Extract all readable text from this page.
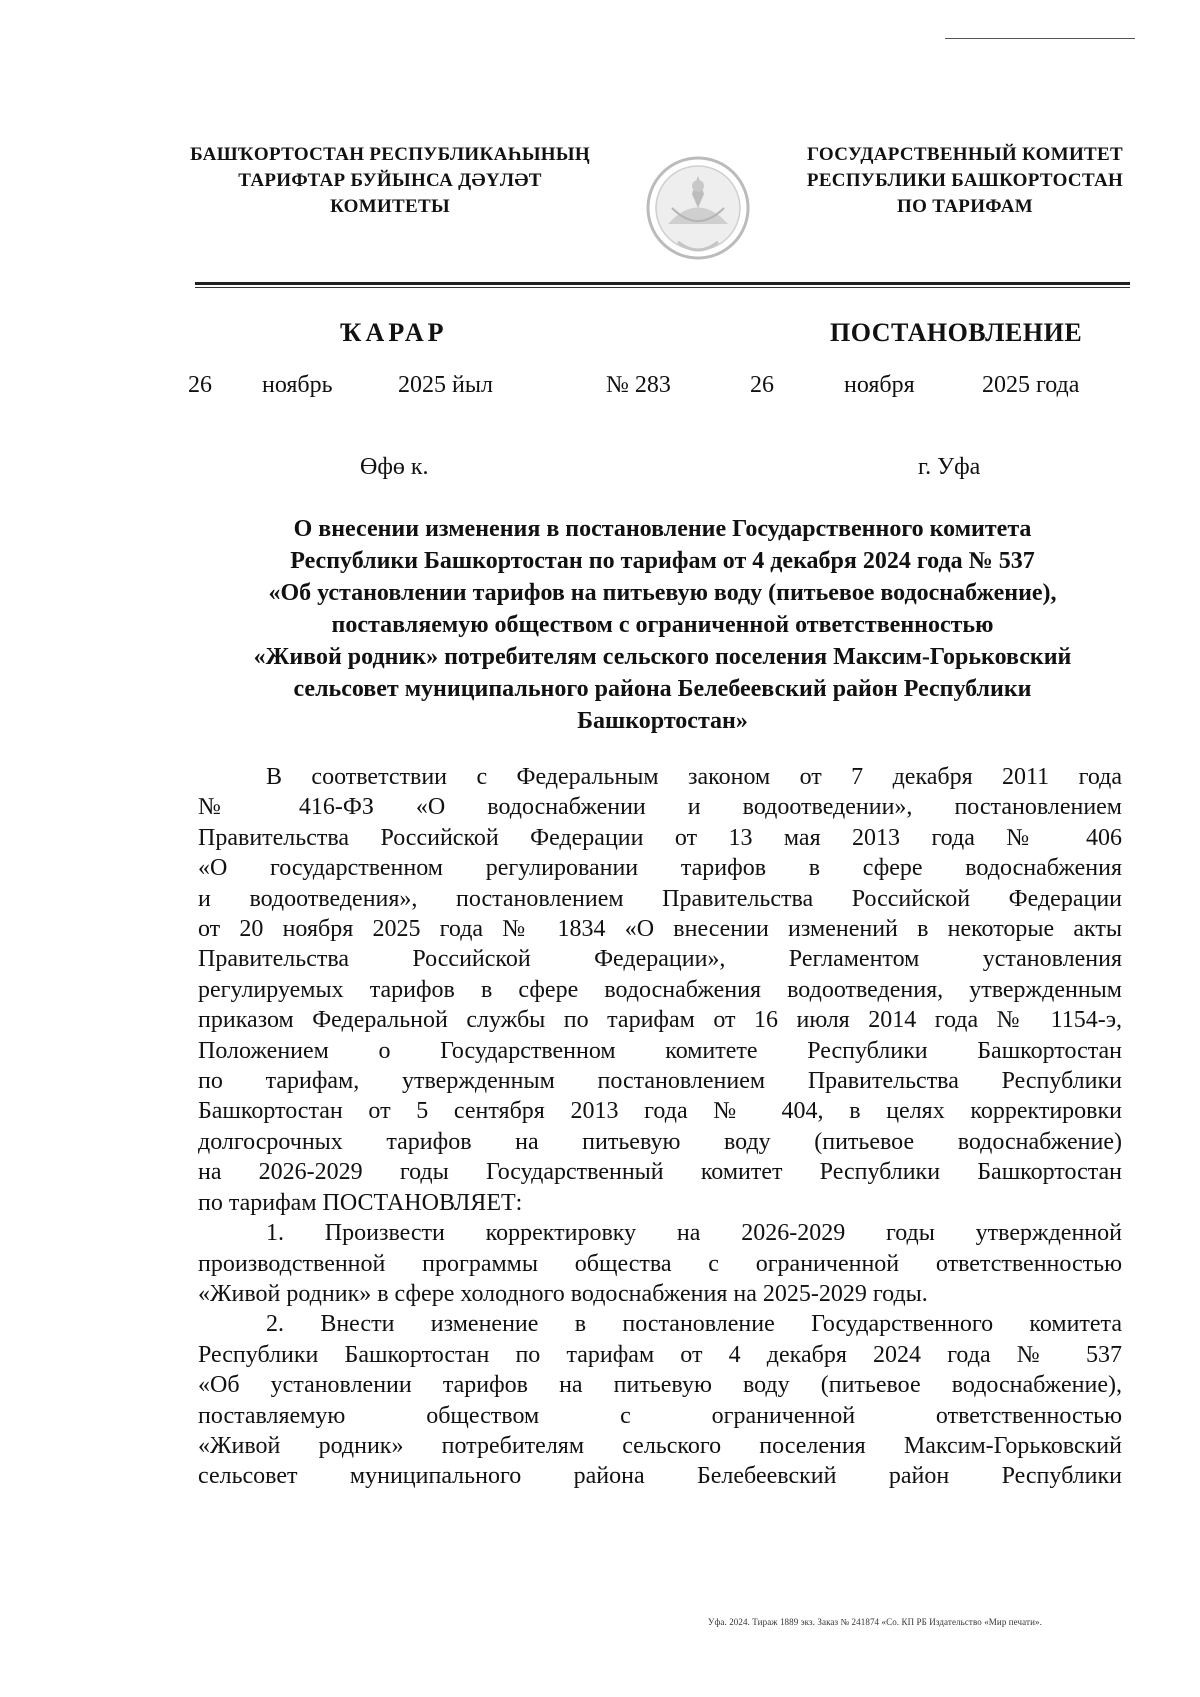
БАШҠОРТОСТАН РЕСПУБЛИКАҺЫНЫҢ
ТАРИФТАР БУЙЫНСА ДӘҮЛӘТ
КОМИТЕТЫ
ГОСУДАРСТВЕННЫЙ КОМИТЕТ
РЕСПУБЛИКИ БАШКОРТОСТАН
ПО ТАРИФАМ
ҠАРАР	ПОСТАНОВЛЕНИЕ
26 ноябрь	2025 йыл	№ 283	26	ноября	2025 года
Өфө к.	г. Уфа
О внесении изменения в постановление Государственного комитета
Республики Башкортостан по тарифам от 4 декабря 2024 года № 537
«Об установлении тарифов на питьевую воду (питьевое водоснабжение),
поставляемую обществом с ограниченной ответственностью
«Живой родник» потребителям сельского поселения Максим-Горьковский
сельсовет муниципального района Белебеевский район Республики
Башкортостан»
В соответствии с Федеральным законом от 7 декабря 2011 года
№ 416-ФЗ «О водоснабжении и водоотведении», постановлением
Правительства Российской Федерации от 13 мая 2013 года № 406
«О государственном регулировании тарифов в сфере водоснабжения
и водоотведения», постановлением Правительства Российской Федерации
от 20 ноября 2025 года № 1834 «О внесении изменений в некоторые акты
Правительства Российской Федерации», Регламентом установления
регулируемых тарифов в сфере водоснабжения водоотведения, утвержденным
приказом Федеральной службы по тарифам от 16 июля 2014 года № 1154-э,
Положением о Государственном комитете Республики Башкортостан
по тарифам, утвержденным постановлением Правительства Республики
Башкортостан от 5 сентября 2013 года № 404, в целях корректировки
долгосрочных тарифов на питьевую воду (питьевое водоснабжение)
на 2026-2029 годы Государственный комитет Республики Башкортостан
по тарифам ПОСТАНОВЛЯЕТ:
1. Произвести корректировку на 2026-2029 годы утвержденной
производственной программы общества с ограниченной ответственностью
«Живой родник» в сфере холодного водоснабжения на 2025-2029 годы.
2. Внести изменение в постановление Государственного комитета
Республики Башкортостан по тарифам от 4 декабря 2024 года № 537
«Об установлении тарифов на питьевую воду (питьевое водоснабжение),
поставляемую обществом с ограниченной ответственностью
«Живой родник» потребителям сельского поселения Максим-Горьковский
сельсовет муниципального района Белебеевский район Республики
Уфа. 2024. Тираж 1889 экз. Заказ № 241874 «Со. КП РБ Издательство «Мир печати».
